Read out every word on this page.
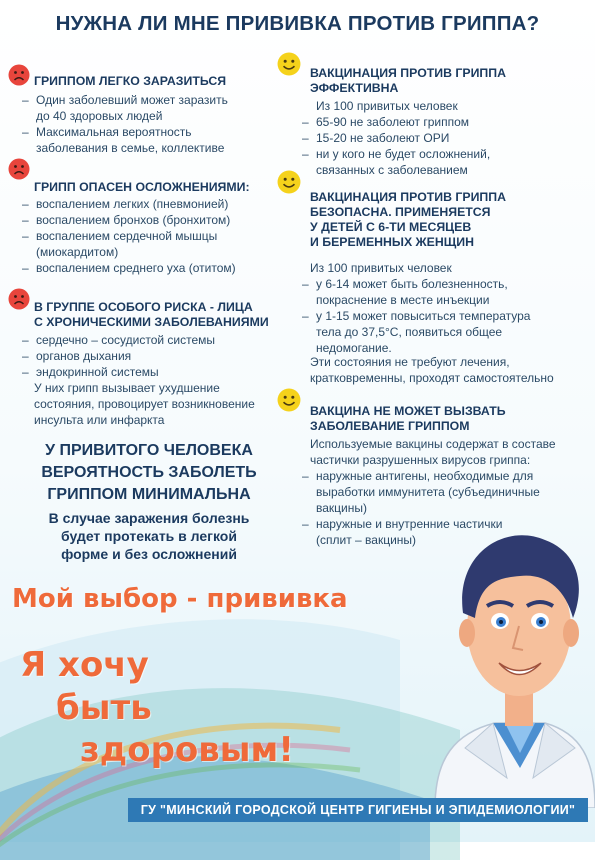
НУЖНА ЛИ МНЕ ПРИВИВКА ПРОТИВ ГРИППА?
ГРИППОМ ЛЕГКО ЗАРАЗИТЬСЯ
– Один заболевший может заразить
до 40 здоровых людей
– Максимальная вероятность
заболевания в семье, коллективе
ГРИПП ОПАСЕН ОСЛОЖНЕНИЯМИ:
– воспалением легких (пневмонией)
– воспалением бронхов (бронхитом)
– воспалением сердечной мышцы
(миокардитом)
– воспалением среднего уха (отитом)
В ГРУППЕ ОСОБОГО РИСКА - ЛИЦА
С ХРОНИЧЕСКИМИ ЗАБОЛЕВАНИЯМИ
– сердечно – сосудистой системы
– органов дыхания
– эндокринной системы
У них грипп вызывает ухудшение
состояния, провоцирует возникновение
инсульта или инфаркта
У ПРИВИТОГО ЧЕЛОВЕКА
ВЕРОЯТНОСТЬ ЗАБОЛЕТЬ
ГРИППОМ МИНИМАЛЬНА
В случае заражения болезнь
будет протекать в легкой
форме и без осложнений
ВАКЦИНАЦИЯ ПРОТИВ ГРИППА
ЭФФЕКТИВНА
Из 100 привитых человек
– 65-90 не заболеют гриппом
– 15-20 не заболеют ОРИ
– ни у кого не будет осложнений,
связанных с заболеванием
ВАКЦИНАЦИЯ ПРОТИВ ГРИППА
БЕЗОПАСНА. ПРИМЕНЯЕТСЯ
У ДЕТЕЙ С 6-ТИ МЕСЯЦЕВ
И БЕРЕМЕННЫХ ЖЕНЩИН
Из 100 привитых человек
– у 6-14 может быть болезненность,
покраснение в месте инъекции
– у 1-15 может повыситься температура
тела до 37,5°С, появиться общее
недомогание.
Эти состояния не требуют лечения,
кратковременны, проходят самостоятельно
ВАКЦИНА НЕ МОЖЕТ ВЫЗВАТЬ
ЗАБОЛЕВАНИЕ ГРИППОМ
Используемые вакцины содержат в составе
частички разрушенных вирусов гриппа:
– наружные антигены, необходимые для
выработки иммунитета (субъединичные
вакцины)
– наружные и внутренние частички
(сплит – вакцины)
Мой выбор - прививка
Я хочу
быть
здоровым!
ГУ "МИНСКИЙ ГОРОДСКОЙ ЦЕНТР ГИГИЕНЫ И ЭПИДЕМИОЛОГИИ"
